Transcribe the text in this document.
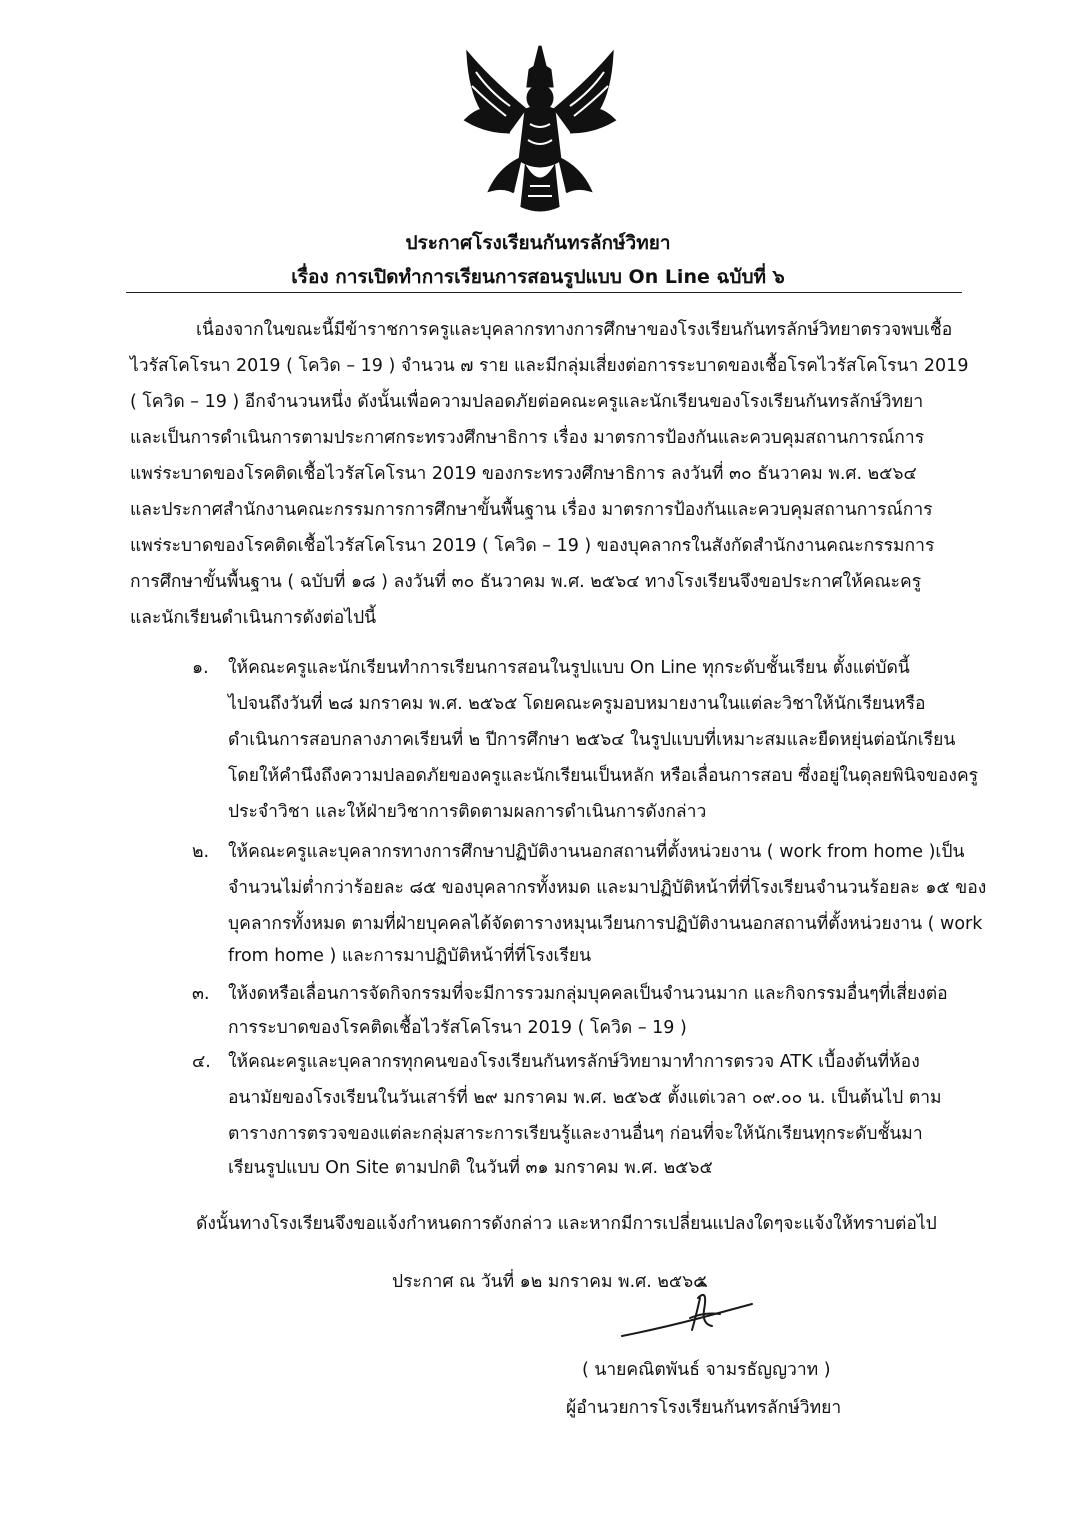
ประกาศโรงเรียนกันทรลักษ์วิทยา
เรื่อง การเปิดทำการเรียนการสอนรูปแบบ On Line ฉบับที่ ๖
เนื่องจากในขณะนี้มีข้าราชการครูและบุคลากรทางการศึกษาของโรงเรียนกันทรลักษ์วิทยาตรวจพบเชื้อ
ไวรัสโคโรนา 2019 ( โควิด – 19 ) จำนวน ๗ ราย และมีกลุ่มเสี่ยงต่อการระบาดของเชื้อโรคไวรัสโคโรนา 2019
( โควิด – 19 ) อีกจำนวนหนึ่ง ดังนั้นเพื่อความปลอดภัยต่อคณะครูและนักเรียนของโรงเรียนกันทรลักษ์วิทยา
และเป็นการดำเนินการตามประกาศกระทรวงศึกษาธิการ เรื่อง มาตรการป้องกันและควบคุมสถานการณ์การ
แพร่ระบาดของโรคติดเชื้อไวรัสโคโรนา 2019 ของกระทรวงศึกษาธิการ ลงวันที่ ๓๐ ธันวาคม พ.ศ. ๒๕๖๔
และประกาศสำนักงานคณะกรรมการการศึกษาขั้นพื้นฐาน เรื่อง มาตรการป้องกันและควบคุมสถานการณ์การ
แพร่ระบาดของโรคติดเชื้อไวรัสโคโรนา 2019 ( โควิด – 19 ) ของบุคลากรในสังกัดสำนักงานคณะกรรมการ
การศึกษาขั้นพื้นฐาน ( ฉบับที่ ๑๘ ) ลงวันที่ ๓๐ ธันวาคม พ.ศ. ๒๕๖๔ ทางโรงเรียนจึงขอประกาศให้คณะครู
และนักเรียนดำเนินการดังต่อไปนี้
๑. ให้คณะครูและนักเรียนทำการเรียนการสอนในรูปแบบ On Line ทุกระดับชั้นเรียน ตั้งแต่บัดนี้
ไปจนถึงวันที่ ๒๘ มกราคม พ.ศ. ๒๕๖๕ โดยคณะครูมอบหมายงานในแต่ละวิชาให้นักเรียนหรือ
ดำเนินการสอบกลางภาคเรียนที่ ๒ ปีการศึกษา ๒๕๖๔ ในรูปแบบที่เหมาะสมและยืดหยุ่นต่อนักเรียน
โดยให้คำนึงถึงความปลอดภัยของครูและนักเรียนเป็นหลัก หรือเลื่อนการสอบ ซึ่งอยู่ในดุลยพินิจของครู
ประจำวิชา และให้ฝ่ายวิชาการติดตามผลการดำเนินการดังกล่าว
๒. ให้คณะครูและบุคลากรทางการศึกษาปฏิบัติงานนอกสถานที่ตั้งหน่วยงาน ( work from home )เป็น
จำนวนไม่ต่ำกว่าร้อยละ ๘๕ ของบุคลากรทั้งหมด และมาปฏิบัติหน้าที่ที่โรงเรียนจำนวนร้อยละ ๑๕ ของ
บุคลากรทั้งหมด ตามที่ฝ่ายบุคคลได้จัดตารางหมุนเวียนการปฏิบัติงานนอกสถานที่ตั้งหน่วยงาน ( work
from home ) และการมาปฏิบัติหน้าที่ที่โรงเรียน
๓. ให้งดหรือเลื่อนการจัดกิจกรรมที่จะมีการรวมกลุ่มบุคคลเป็นจำนวนมาก และกิจกรรมอื่นๆที่เสี่ยงต่อ
การระบาดของโรคติดเชื้อไวรัสโคโรนา 2019 ( โควิด – 19 )
๔. ให้คณะครูและบุคลากรทุกคนของโรงเรียนกันทรลักษ์วิทยามาทำการตรวจ ATK เบื้องต้นที่ห้อง
อนามัยของโรงเรียนในวันเสาร์ที่ ๒๙ มกราคม พ.ศ. ๒๕๖๕ ตั้งแต่เวลา ๐๙.๐๐ น. เป็นต้นไป ตาม
ตารางการตรวจของแต่ละกลุ่มสาระการเรียนรู้และงานอื่นๆ ก่อนที่จะให้นักเรียนทุกระดับชั้นมา
เรียนรูปแบบ On Site ตามปกติ ในวันที่ ๓๑ มกราคม พ.ศ. ๒๕๖๕
ดังนั้นทางโรงเรียนจึงขอแจ้งกำหนดการดังกล่าว และหากมีการเปลี่ยนแปลงใดๆจะแจ้งให้ทราบต่อไป
ประกาศ ณ วันที่ ๑๒ มกราคม พ.ศ. ๒๕๖๕
( นายคณิตพันธ์ จามรธัญญวาท )
ผู้อำนวยการโรงเรียนกันทรลักษ์วิทยา
